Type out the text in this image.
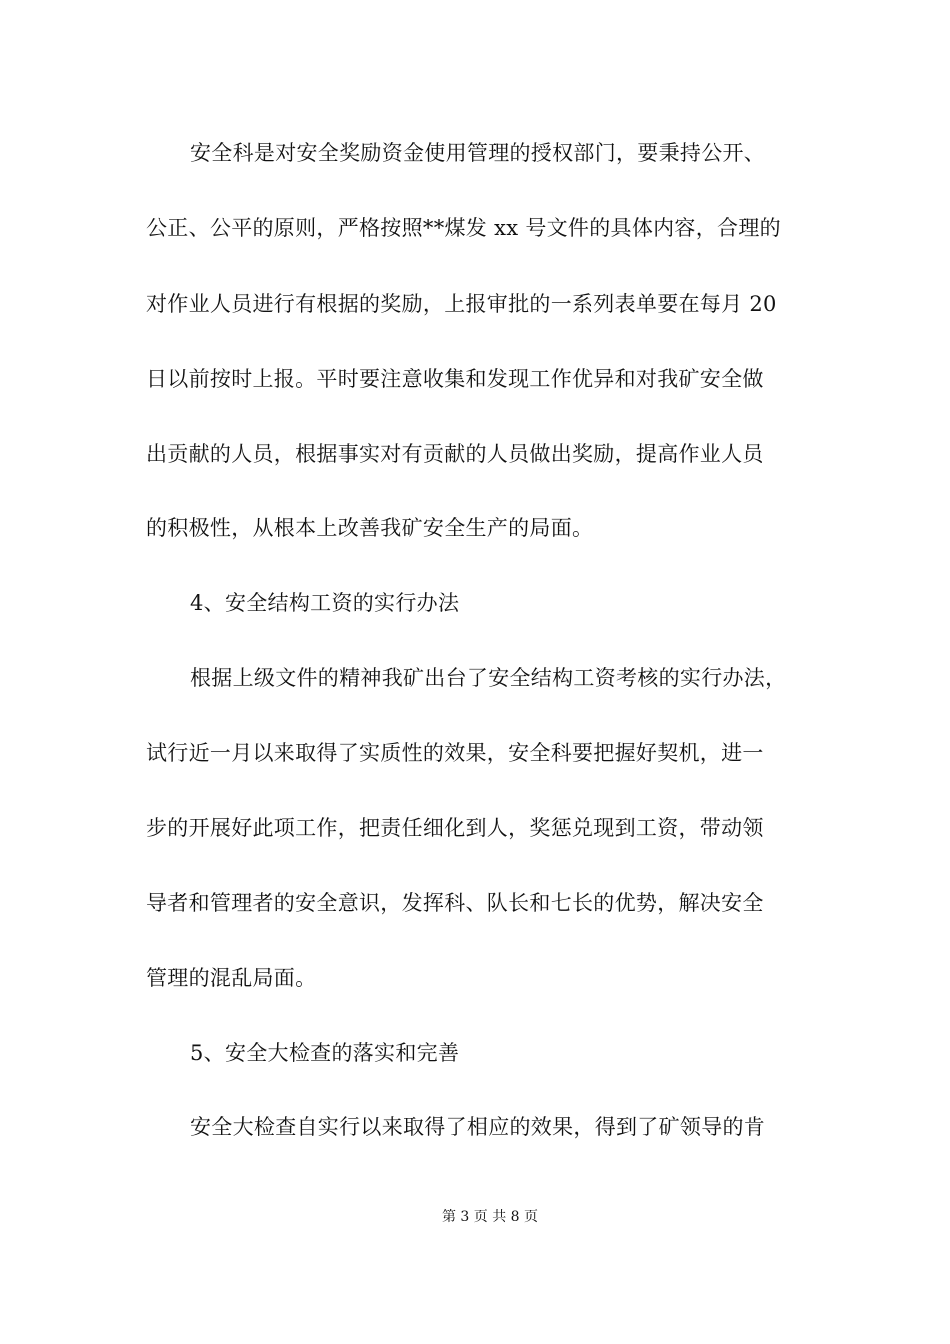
安全科是对安全奖励资金使用管理的授权部门，要秉持公开、

公正、公平的原则，严格按照**煤发 xx 号文件的具体内容，合理的

对作业人员进行有根据的奖励，上报审批的一系列表单要在每月 20

日以前按时上报。平时要注意收集和发现工作优异和对我矿安全做

出贡献的人员，根据事实对有贡献的人员做出奖励，提高作业人员

的积极性，从根本上改善我矿安全生产的局面。

4、安全结构工资的实行办法

根据上级文件的精神我矿出台了安全结构工资考核的实行办法，

试行近一月以来取得了实质性的效果，安全科要把握好契机，进一

步的开展好此项工作，把责任细化到人，奖惩兑现到工资，带动领

导者和管理者的安全意识，发挥科、队长和七长的优势，解决安全

管理的混乱局面。

5、安全大检查的落实和完善

安全大检查自实行以来取得了相应的效果，得到了矿领导的肯

第 3 页 共 8 页
